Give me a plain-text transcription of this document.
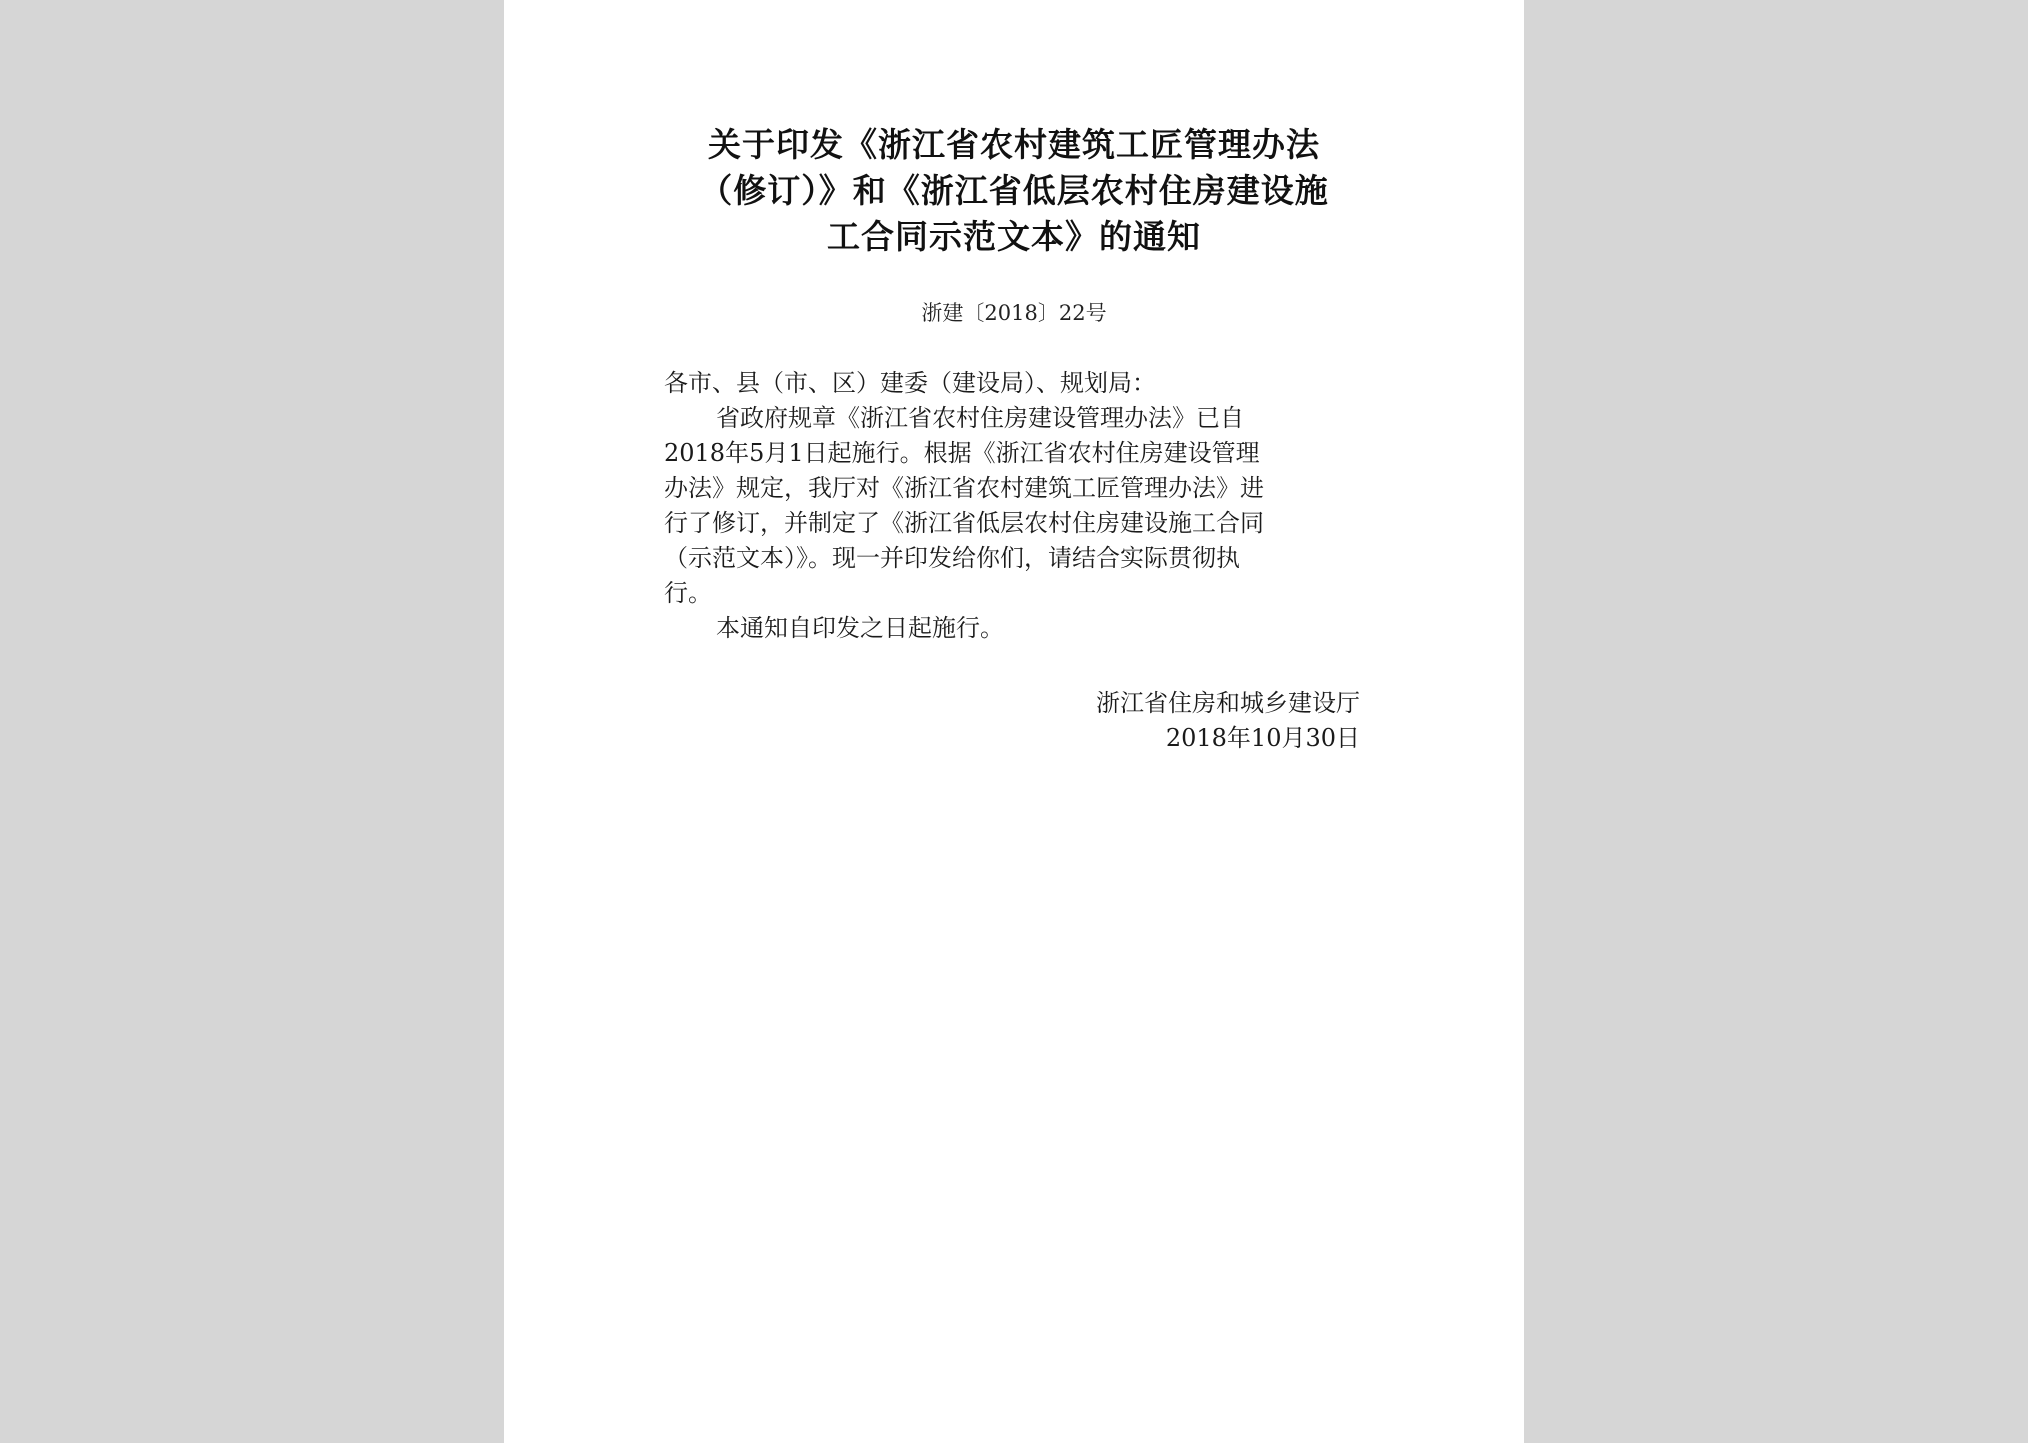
关于印发《浙江省农村建筑工匠管理办法
（修订）》和《浙江省低层农村住房建设施
工合同示范文本》的通知
浙建〔2018〕22号
各市、县（市、区）建委（建设局）、规划局：
省政府规章《浙江省农村住房建设管理办法》已自
2018年5月1日起施行。根据《浙江省农村住房建设管理
办法》规定，我厅对《浙江省农村建筑工匠管理办法》进
行了修订，并制定了《浙江省低层农村住房建设施工合同
（示范文本）》。现一并印发给你们，请结合实际贯彻执
行。
本通知自印发之日起施行。
浙江省住房和城乡建设厅
2018年10月30日
